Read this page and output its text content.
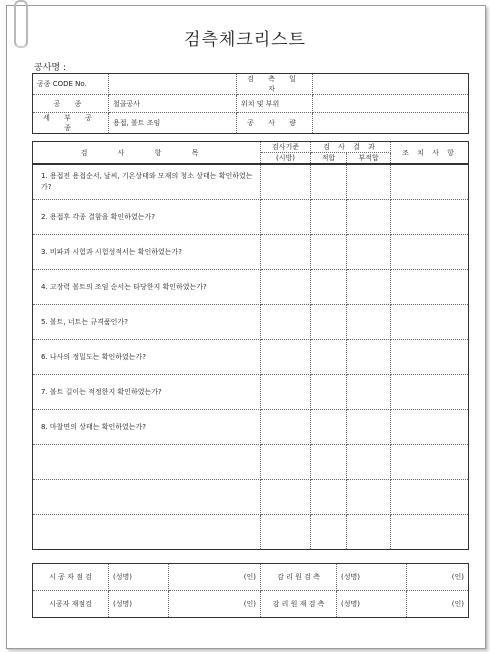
검측체크리스트
공사명 :
공종 CODE No.		검 측 일 자	
공 종	철골공사	위치 및 부위	
세 부 공 종	용접, 볼트 조임	공 사 량	
검 사 항 목	검사기준	검 사 결 과		조 치 사 항
	(시방)	적합	부적합	
1. 용접전 용접순서, 날씨, 기온상태와 모재의 청소 상태는 확인하였는가?				
2. 용접후 각종 결함을 확인하였는가?				
3. 비파괴 시험과 시험성적서는 확인하였는가?				
4. 고장력 볼트의 조임 순서는 타당한지 확인하였는가?				
5. 볼트, 너트는 규격품인가?				
6. 나사의 정밀도는 확인하였는가?				
7. 볼트 길이는 적정한지 확인하였는가?				
8. 마찰면의 상태는 확인하였는가?				

시 공 자 점 검	(성명)	(인)	감 리 원 검 측	(성명)	(인)
시공자 재점검	(성명)	(인)	감 리 원 재 검 측	(성명)	(인)
